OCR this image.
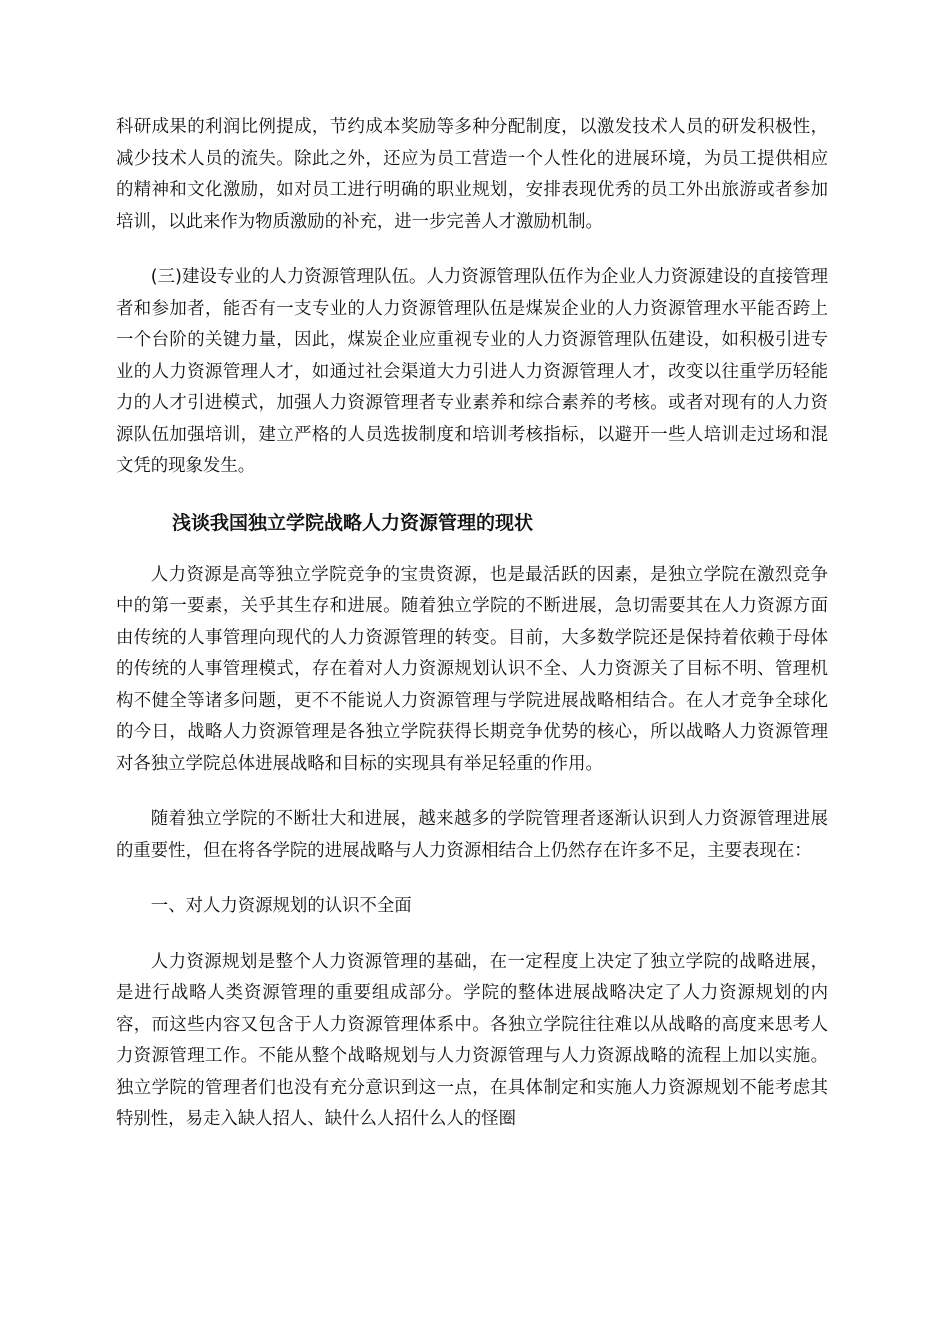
科研成果的利润比例提成，节约成本奖励等多种分配制度，以激发技术人员的研发积极性，减少技术人员的流失。除此之外，还应为员工营造一个人性化的进展环境，为员工提供相应的精神和文化激励，如对员工进行明确的职业规划，安排表现优秀的员工外出旅游或者参加培训，以此来作为物质激励的补充，进一步完善人才激励机制。

(三)建设专业的人力资源管理队伍。人力资源管理队伍作为企业人力资源建设的直接管理者和参加者，能否有一支专业的人力资源管理队伍是煤炭企业的人力资源管理水平能否跨上一个台阶的关键力量，因此，煤炭企业应重视专业的人力资源管理队伍建设，如积极引进专业的人力资源管理人才，如通过社会渠道大力引进人力资源管理人才，改变以往重学历轻能力的人才引进模式，加强人力资源管理者专业素养和综合素养的考核。或者对现有的人力资源队伍加强培训，建立严格的人员选拔制度和培训考核指标，以避开一些人培训走过场和混文凭的现象发生。

浅谈我国独立学院战略人力资源管理的现状

人力资源是高等独立学院竞争的宝贵资源，也是最活跃的因素，是独立学院在激烈竞争中的第一要素，关乎其生存和进展。随着独立学院的不断进展，急切需要其在人力资源方面由传统的人事管理向现代的人力资源管理的转变。目前，大多数学院还是保持着依赖于母体的传统的人事管理模式，存在着对人力资源规划认识不全、人力资源关了目标不明、管理机构不健全等诸多问题，更不不能说人力资源管理与学院进展战略相结合。在人才竞争全球化的今日，战略人力资源管理是各独立学院获得长期竞争优势的核心，所以战略人力资源管理对各独立学院总体进展战略和目标的实现具有举足轻重的作用。

随着独立学院的不断壮大和进展，越来越多的学院管理者逐渐认识到人力资源管理进展的重要性，但在将各学院的进展战略与人力资源相结合上仍然存在许多不足，主要表现在：

一、对人力资源规划的认识不全面

人力资源规划是整个人力资源管理的基础，在一定程度上决定了独立学院的战略进展，是进行战略人类资源管理的重要组成部分。学院的整体进展战略决定了人力资源规划的内容，而这些内容又包含于人力资源管理体系中。各独立学院往往难以从战略的高度来思考人力资源管理工作。不能从整个战略规划与人力资源管理与人力资源战略的流程上加以实施。独立学院的管理者们也没有充分意识到这一点，在具体制定和实施人力资源规划不能考虑其特别性，易走入缺人招人、缺什么人招什么人的怪圈
